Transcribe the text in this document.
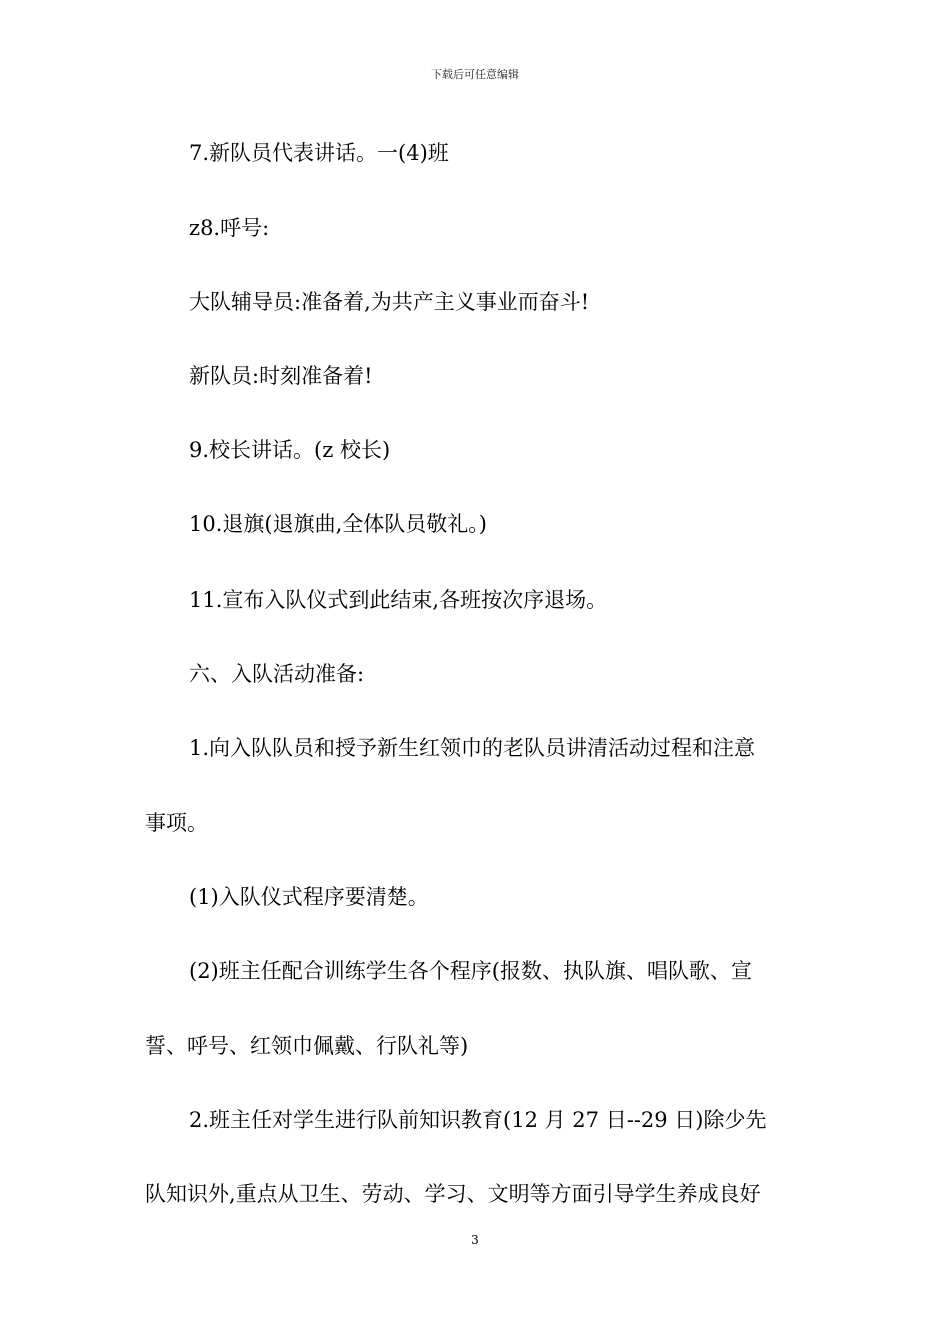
下载后可任意编辑
7.新队员代表讲话。一(4)班
z8.呼号:
大队辅导员:准备着,为共产主义事业而奋斗!
新队员:时刻准备着!
9.校长讲话。(z 校长)
10.退旗(退旗曲,全体队员敬礼。)
11.宣布入队仪式到此结束,各班按次序退场。
六、入队活动准备:
1.向入队队员和授予新生红领巾的老队员讲清活动过程和注意
事项。
(1)入队仪式程序要清楚。
(2)班主任配合训练学生各个程序(报数、执队旗、唱队歌、宣
誓、呼号、红领巾佩戴、行队礼等)
2.班主任对学生进行队前知识教育(12 月 27 日--29 日)除少先
队知识外,重点从卫生、劳动、学习、文明等方面引导学生养成良好
3
